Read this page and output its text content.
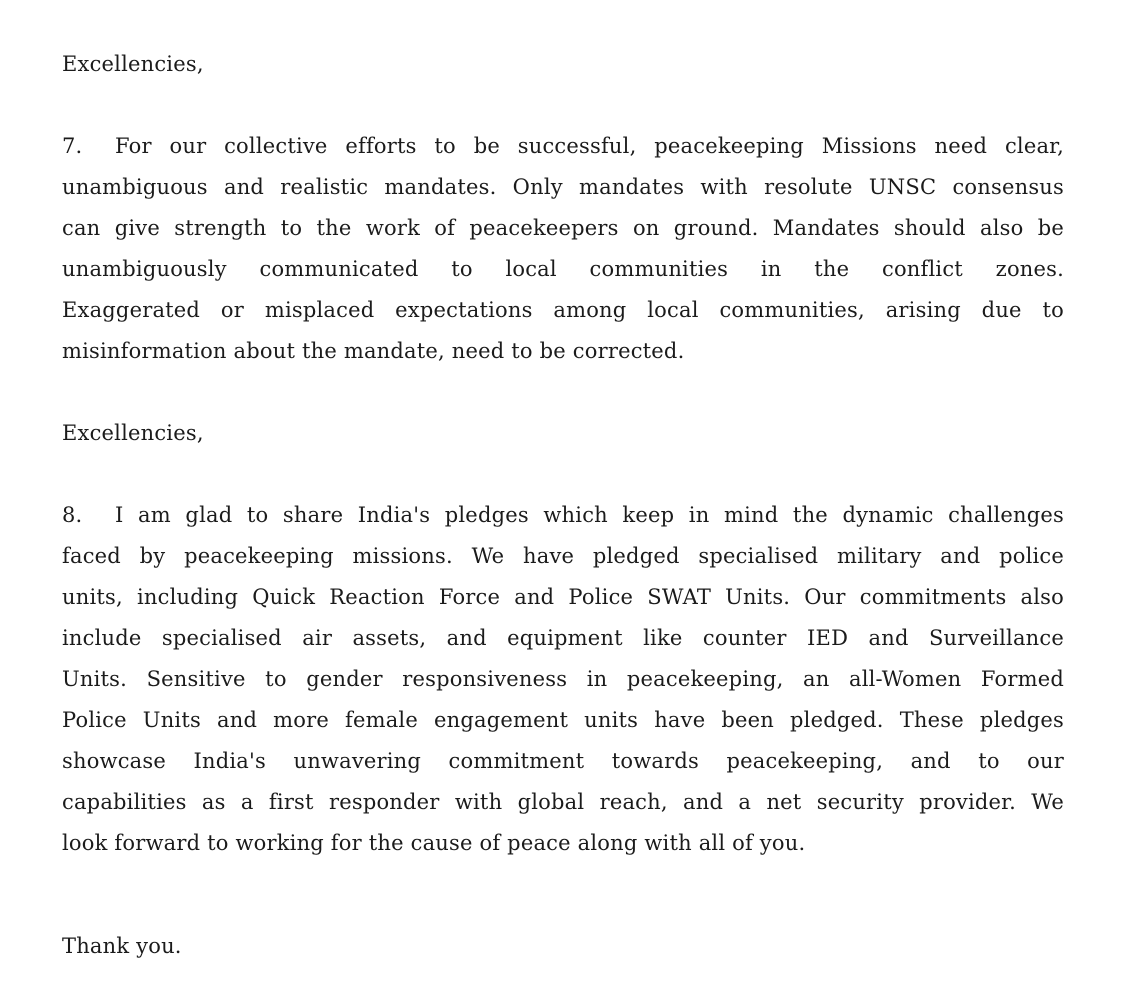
Excellencies,
7. For our collective efforts to be successful, peacekeeping Missions need clear,
unambiguous and realistic mandates. Only mandates with resolute UNSC consensus
can give strength to the work of peacekeepers on ground. Mandates should also be
unambiguously communicated to local communities in the conflict zones.
Exaggerated or misplaced expectations among local communities, arising due to
misinformation about the mandate, need to be corrected.
Excellencies,
8. I am glad to share India's pledges which keep in mind the dynamic challenges
faced by peacekeeping missions. We have pledged specialised military and police
units, including Quick Reaction Force and Police SWAT Units. Our commitments also
include specialised air assets, and equipment like counter IED and Surveillance
Units. Sensitive to gender responsiveness in peacekeeping, an all-Women Formed
Police Units and more female engagement units have been pledged. These pledges
showcase India's unwavering commitment towards peacekeeping, and to our
capabilities as a first responder with global reach, and a net security provider. We
look forward to working for the cause of peace along with all of you.
Thank you.
